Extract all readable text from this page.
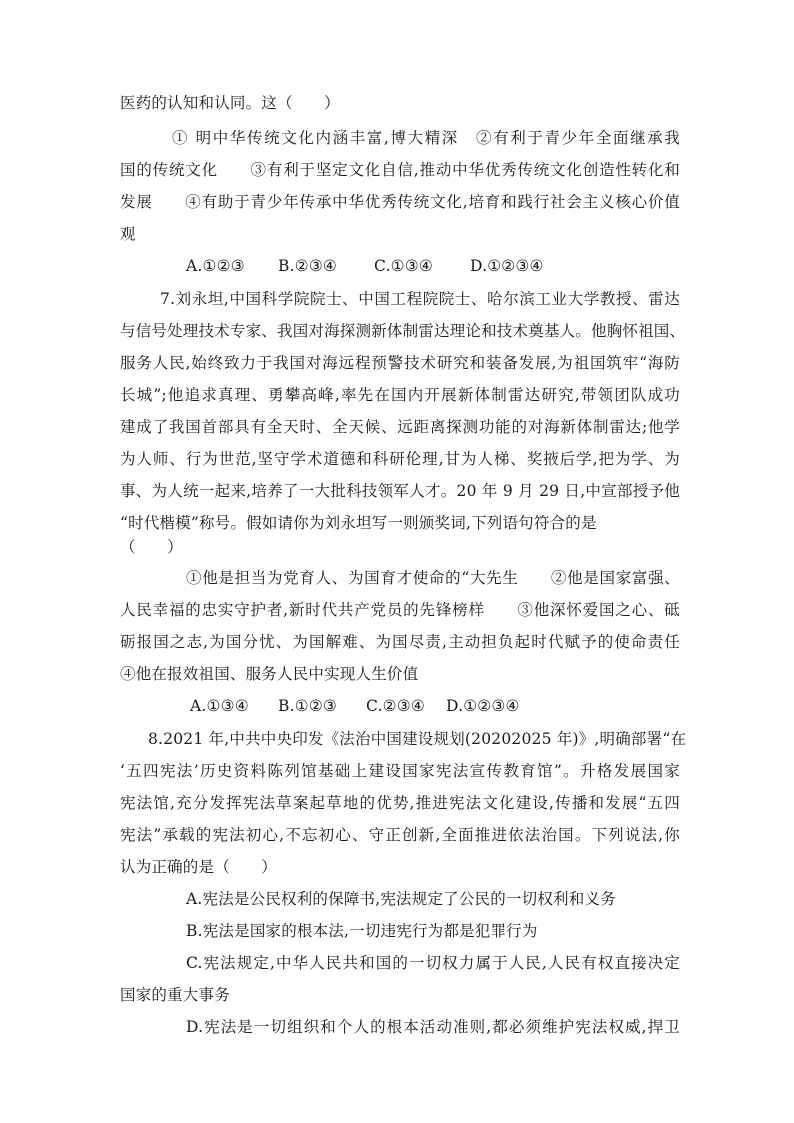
医药的认知和认同。这（　　）
① 明中华传统文化内涵丰富,博大精深　②有利于青少年全面继承我
国的传统文化　　③有利于坚定文化自信,推动中华优秀传统文化创造性转化和
发展　　④有助于青少年传承中华优秀传统文化,培育和践行社会主义核心价值
观
A.①②③ B.②③④ C.①③④ D.①②③④
7.刘永坦,中国科学院院士、中国工程院院士、哈尔滨工业大学教授、雷达
与信号处理技术专家、我国对海探测新体制雷达理论和技术奠基人。他胸怀祖国、
服务人民,始终致力于我国对海远程预警技术研究和装备发展,为祖国筑牢“海防
长城”;他追求真理、勇攀高峰,率先在国内开展新体制雷达研究,带领团队成功
建成了我国首部具有全天时、全天候、远距离探测功能的对海新体制雷达;他学
为人师、行为世范,坚守学术道德和科研伦理,甘为人梯、奖掖后学,把为学、为
事、为人统一起来,培养了一大批科技领军人才。20 年 9 月 29 日,中宣部授予他
“时代楷模”称号。假如请你为刘永坦写一则颁奖词,下列语句符合的是
（　　）
①他是担当为党育人、为国育才使命的“大先生　　②他是国家富强、
人民幸福的忠实守护者,新时代共产党员的先锋榜样　　③他深怀爱国之心、砥
砺报国之志,为国分忧、为国解难、为国尽责,主动担负起时代赋予的使命责任
④他在报效祖国、服务人民中实现人生价值
A.①③④ B.①②③ C.②③④ D.①②③④
8.2021 年,中共中央印发《法治中国建设规划(20202025 年)》,明确部署“在
‘五四宪法’历史资料陈列馆基础上建设国家宪法宣传教育馆”。升格发展国家
宪法馆,充分发挥宪法草案起草地的优势,推进宪法文化建设,传播和发展“五四
宪法”承载的宪法初心,不忘初心、守正创新,全面推进依法治国。下列说法,你
认为正确的是（　　）
A.宪法是公民权利的保障书,宪法规定了公民的一切权利和义务
B.宪法是国家的根本法,一切违宪行为都是犯罪行为
C.宪法规定,中华人民共和国的一切权力属于人民,人民有权直接决定
国家的重大事务
D.宪法是一切组织和个人的根本活动准则,都必须维护宪法权威,捍卫
